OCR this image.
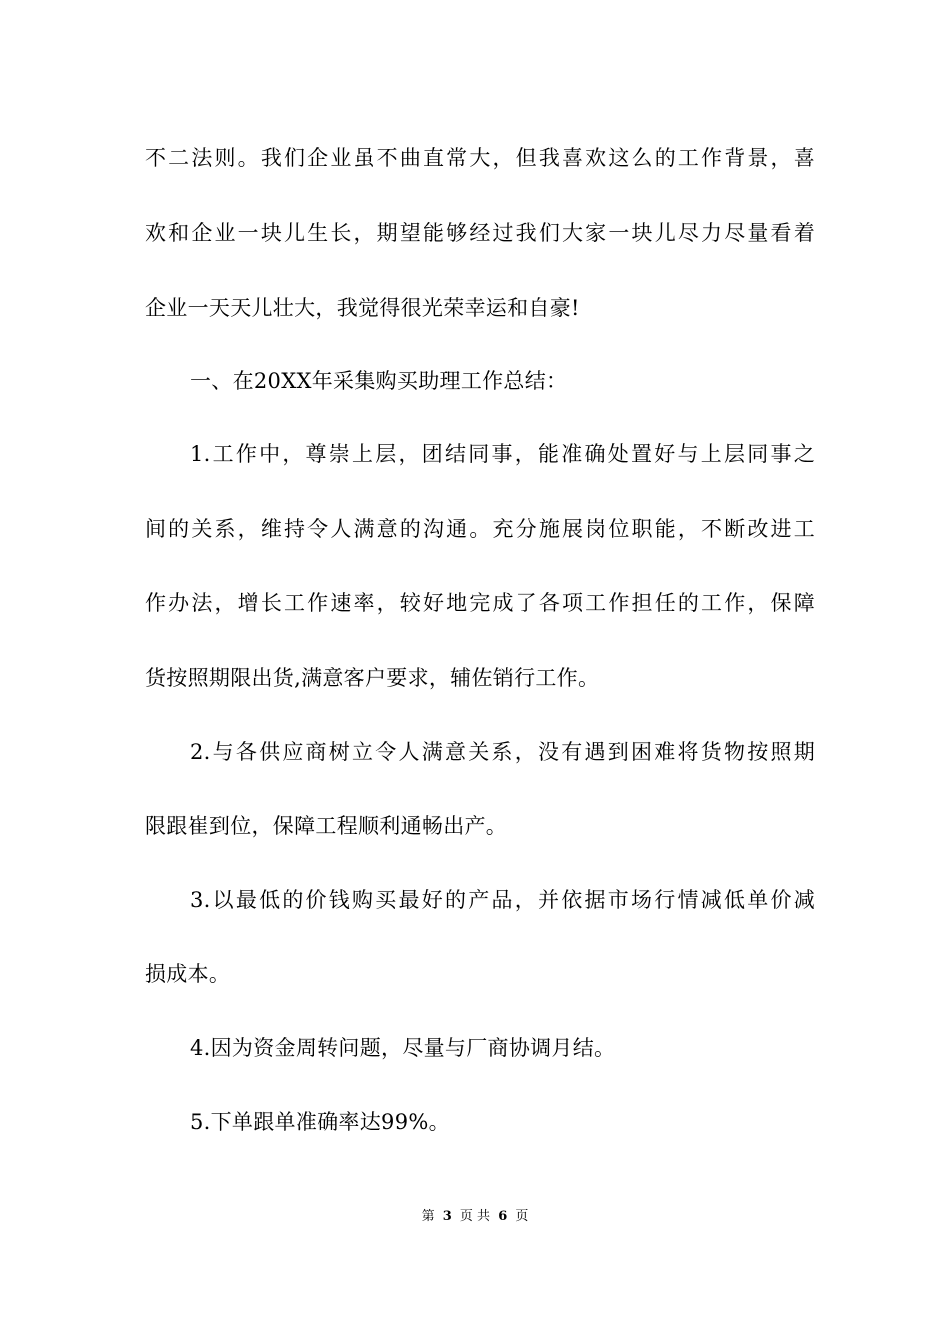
不二法则。我们企业虽不曲直常大，但我喜欢这么的工作背景，喜
欢和企业一块儿生长，期望能够经过我们大家一块儿尽力尽量看着
企业一天天儿壮大，我觉得很光荣幸运和自豪!
一、在20XX年采集购买助理工作总结：
1.工作中，尊崇上层，团结同事，能准确处置好与上层同事之
间的关系，维持令人满意的沟通。充分施展岗位职能，不断改进工
作办法，增长工作速率，较好地完成了各项工作担任的工作，保障
货按照期限出货,满意客户要求，辅佐销行工作。
2.与各供应商树立令人满意关系，没有遇到困难将货物按照期
限跟崔到位，保障工程顺利通畅出产。
3.以最低的价钱购买最好的产品，并依据市场行情减低单价减
损成本。
4.因为资金周转问题，尽量与厂商协调月结。
5.下单跟单准确率达99%。
第 3 页 共 6 页
